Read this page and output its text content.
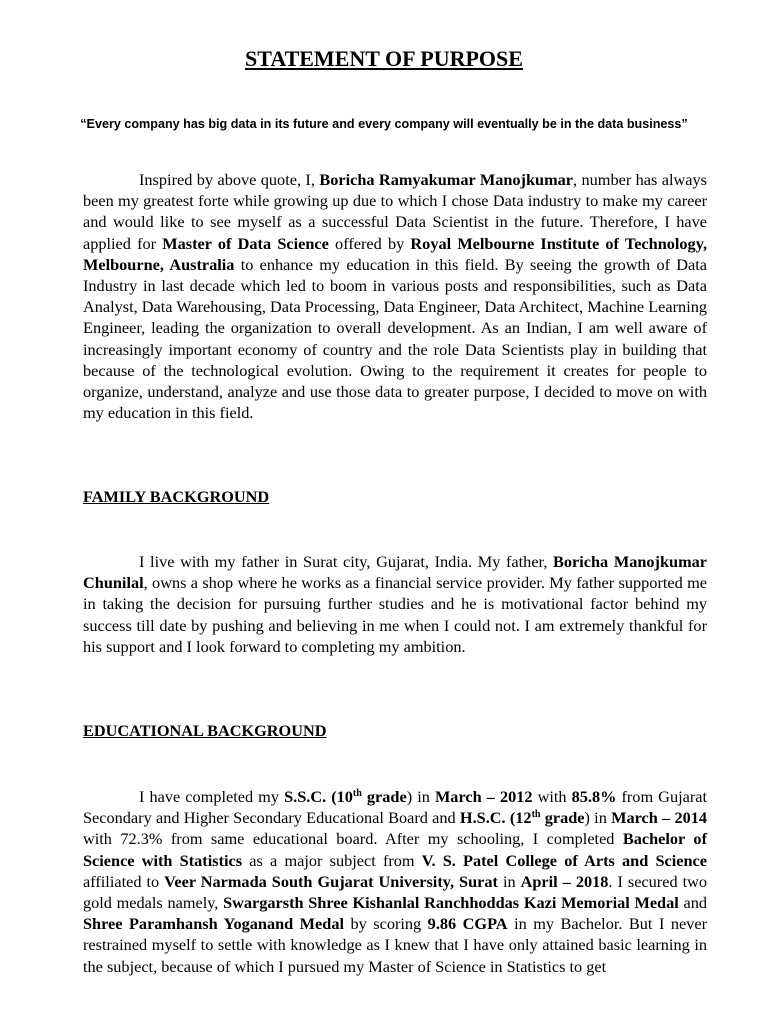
STATEMENT OF PURPOSE
“Every company has big data in its future and every company will eventually be in the data business”

Inspired by above quote, I, Boricha Ramyakumar Manojkumar, number has always been my greatest forte while growing up due to which I chose Data industry to make my career and would like to see myself as a successful Data Scientist in the future. Therefore, I have applied for Master of Data Science offered by Royal Melbourne Institute of Technology, Melbourne, Australia to enhance my education in this field. By seeing the growth of Data Industry in last decade which led to boom in various posts and responsibilities, such as Data Analyst, Data Warehousing, Data Processing, Data Engineer, Data Architect, Machine Learning Engineer, leading the organization to overall development. As an Indian, I am well aware of increasingly important economy of country and the role Data Scientists play in building that because of the technological evolution. Owing to the requirement it creates for people to organize, understand, analyze and use those data to greater purpose, I decided to move on with my education in this field.

FAMILY BACKGROUND

I live with my father in Surat city, Gujarat, India. My father, Boricha Manojkumar Chunilal, owns a shop where he works as a financial service provider. My father supported me in taking the decision for pursuing further studies and he is motivational factor behind my success till date by pushing and believing in me when I could not. I am extremely thankful for his support and I look forward to completing my ambition.

EDUCATIONAL BACKGROUND

I have completed my S.S.C. (10th grade) in March – 2012 with 85.8% from Gujarat Secondary and Higher Secondary Educational Board and H.S.C. (12th grade) in March – 2014 with 72.3% from same educational board. After my schooling, I completed Bachelor of Science with Statistics as a major subject from V. S. Patel College of Arts and Science affiliated to Veer Narmada South Gujarat University, Surat in April – 2018. I secured two gold medals namely, Swargarsth Shree Kishanlal Ranchhoddas Kazi Memorial Medal and Shree Paramhansh Yoganand Medal by scoring 9.86 CGPA in my Bachelor. But I never restrained myself to settle with knowledge as I knew that I have only attained basic learning in the subject, because of which I pursued my Master of Science in Statistics to get
